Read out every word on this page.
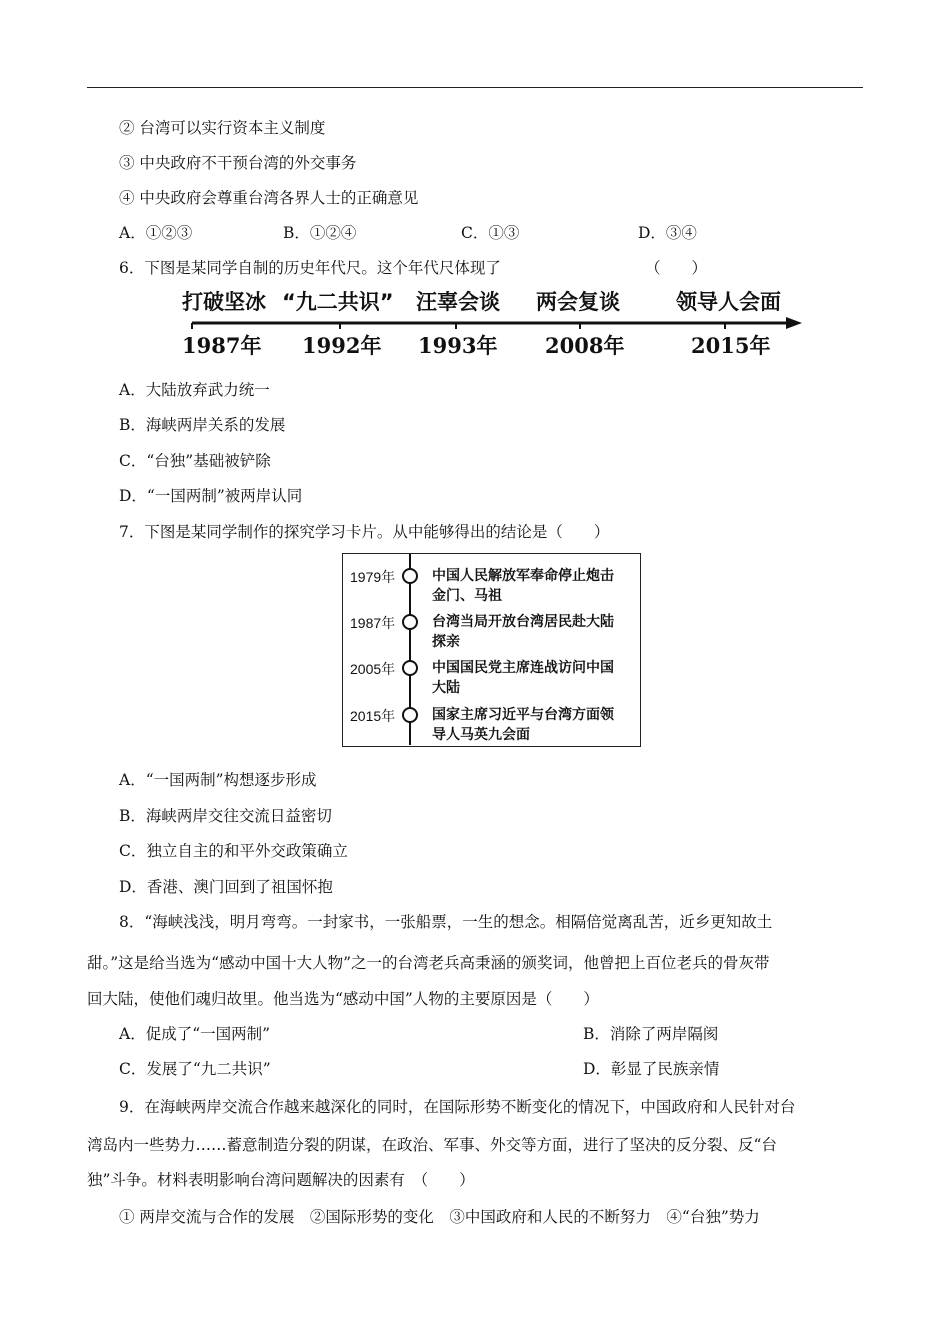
② 台湾可以实行资本主义制度
③ 中央政府不干预台湾的外交事务
④ 中央政府会尊重台湾各界人士的正确意见
A．①②③	B．①②④	C．①③	D．③④
6．下图是某同学自制的历史年代尺。这个年代尺体现了	（　　）
打破坚冰 “九二共识” 汪辜会谈 两会复谈	领导人会面
1987年 1992年 1993年 2008年	2015年
A．大陆放弃武力统一
B．海峡两岸关系的发展
C．“台独”基础被铲除
D．“一国两制”被两岸认同
7．下图是某同学制作的探究学习卡片。从中能够得出的结论是（　　）
1979年	中国人民解放军奉命停止炮击
金门、马祖
1987年	台湾当局开放台湾居民赴大陆
探亲
2005年	中国国民党主席连战访问中国
大陆
2015年	国家主席习近平与台湾方面领
导人马英九会面
A．“一国两制”构想逐步形成
B．海峡两岸交往交流日益密切
C．独立自主的和平外交政策确立
D．香港、澳门回到了祖国怀抱
8．“海峡浅浅，明月弯弯。一封家书，一张船票，一生的想念。相隔倍觉离乱苦，近乡更知故土
甜。”这是给当选为“感动中国十大人物”之一的台湾老兵高秉涵的颁奖词，他曾把上百位老兵的骨灰带
回大陆，使他们魂归故里。他当选为“感动中国”人物的主要原因是（　　）
A．促成了“一国两制”	B．消除了两岸隔阂
C．发展了“九二共识”	D．彰显了民族亲情
9．在海峡两岸交流合作越来越深化的同时，在国际形势不断变化的情况下，中国政府和人民针对台
湾岛内一些势力……蓄意制造分裂的阴谋，在政治、军事、外交等方面，进行了坚决的反分裂、反“台
独”斗争。材料表明影响台湾问题解决的因素有　（　　）
① 两岸交流与合作的发展　②国际形势的变化　③中国政府和人民的不断努力　④“台独”势力
